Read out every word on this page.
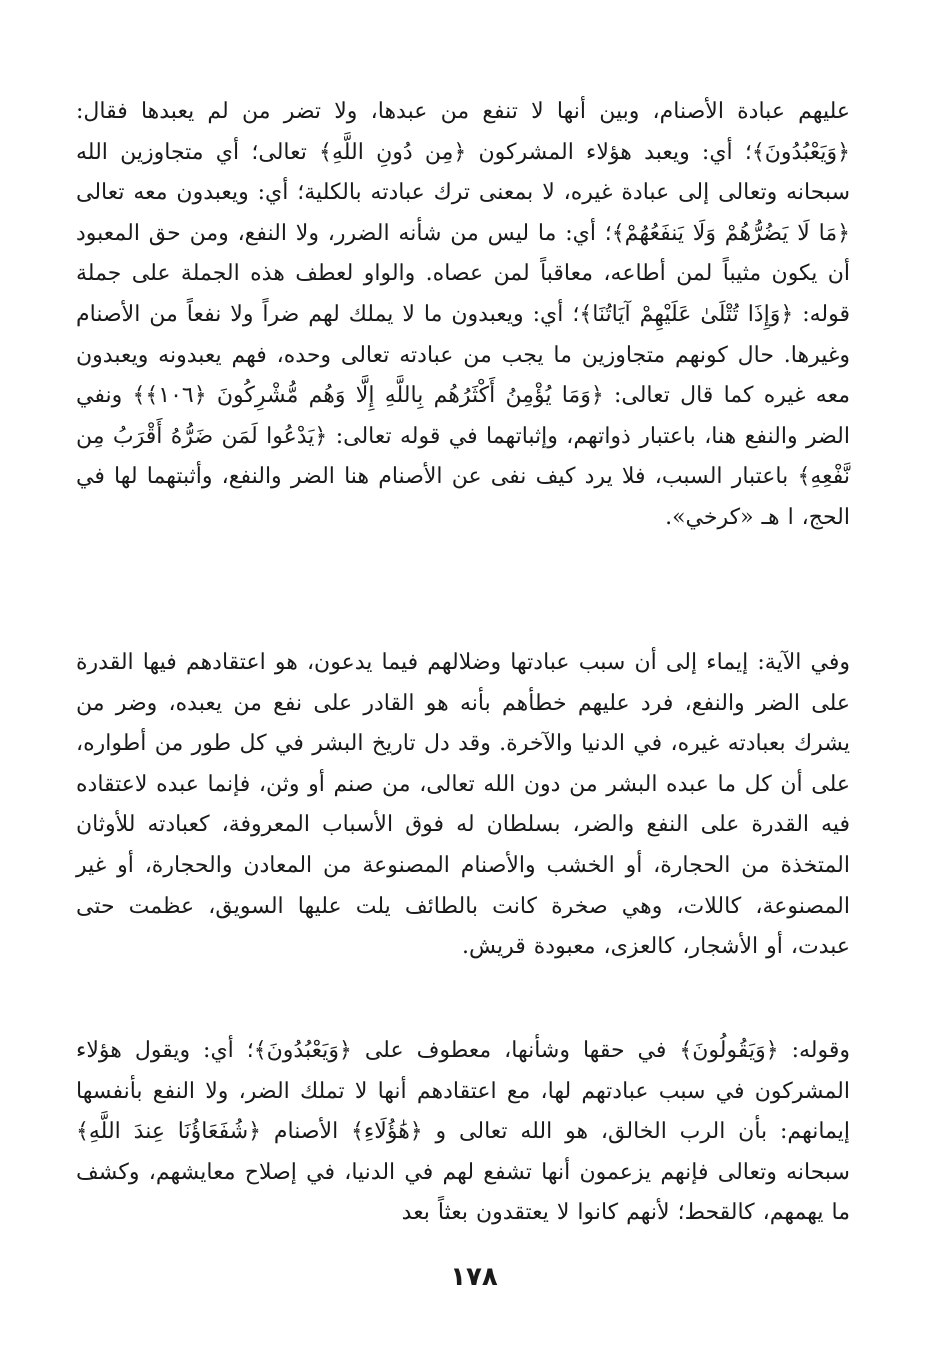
عليهم عبادة الأصنام، وبين أنها لا تنفع من عبدها، ولا تضر من لم يعبدها فقال: ﴿وَيَعْبُدُونَ﴾؛ أي: ويعبد هؤلاء المشركون ﴿مِن دُونِ اللَّهِ﴾ تعالى؛ أي متجاوزين الله سبحانه وتعالى إلى عبادة غيره، لا بمعنى ترك عبادته بالكلية؛ أي: ويعبدون معه تعالى ﴿مَا لَا يَضُرُّهُمْ وَلَا يَنفَعُهُمْ﴾؛ أي: ما ليس من شأنه الضرر، ولا النفع، ومن حق المعبود أن يكون مثيباً لمن أطاعه، معاقباً لمن عصاه. والواو لعطف هذه الجملة على جملة قوله: ﴿وَإِذَا تُتْلَىٰ عَلَيْهِمْ آيَاتُنَا﴾؛ أي: ويعبدون ما لا يملك لهم ضراً ولا نفعاً من الأصنام وغيرها. حال كونهم متجاوزين ما يجب من عبادته تعالى وحده، فهم يعبدونه ويعبدون معه غيره كما قال تعالى: ﴿وَمَا يُؤْمِنُ أَكْثَرُهُم بِاللَّهِ إِلَّا وَهُم مُّشْرِكُونَ ﴿١٠٦﴾﴾ ونفي الضر والنفع هنا، باعتبار ذواتهم، وإثباتهما في قوله تعالى: ﴿يَدْعُوا لَمَن ضَرُّهُ أَقْرَبُ مِن نَّفْعِهِ﴾ باعتبار السبب، فلا يرد كيف نفى عن الأصنام هنا الضر والنفع، وأثبتهما لها في الحج، ا هـ «كرخي».

وفي الآية: إيماء إلى أن سبب عبادتها وضلالهم فيما يدعون، هو اعتقادهم فيها القدرة على الضر والنفع، فرد عليهم خطأهم بأنه هو القادر على نفع من يعبده، وضر من يشرك بعبادته غيره، في الدنيا والآخرة. وقد دل تاريخ البشر في كل طور من أطواره، على أن كل ما عبده البشر من دون الله تعالى، من صنم أو وثن، فإنما عبده لاعتقاده فيه القدرة على النفع والضر، بسلطان له فوق الأسباب المعروفة، كعبادته للأوثان المتخذة من الحجارة، أو الخشب والأصنام المصنوعة من المعادن والحجارة، أو غير المصنوعة، كاللات، وهي صخرة كانت بالطائف يلت عليها السويق، عظمت حتى عبدت، أو الأشجار، كالعزى، معبودة قريش.

وقوله: ﴿وَيَقُولُونَ﴾ في حقها وشأنها، معطوف على ﴿وَيَعْبُدُونَ﴾؛ أي: ويقول هؤلاء المشركون في سبب عبادتهم لها، مع اعتقادهم أنها لا تملك الضر، ولا النفع بأنفسها إيمانهم: بأن الرب الخالق، هو الله تعالى و ﴿هَٰؤُلَاءِ﴾ الأصنام ﴿شُفَعَاؤُنَا عِندَ اللَّهِ﴾ سبحانه وتعالى فإنهم يزعمون أنها تشفع لهم في الدنيا، في إصلاح معايشهم، وكشف ما يهمهم، كالقحط؛ لأنهم كانوا لا يعتقدون بعثاً بعد

١٧٨
